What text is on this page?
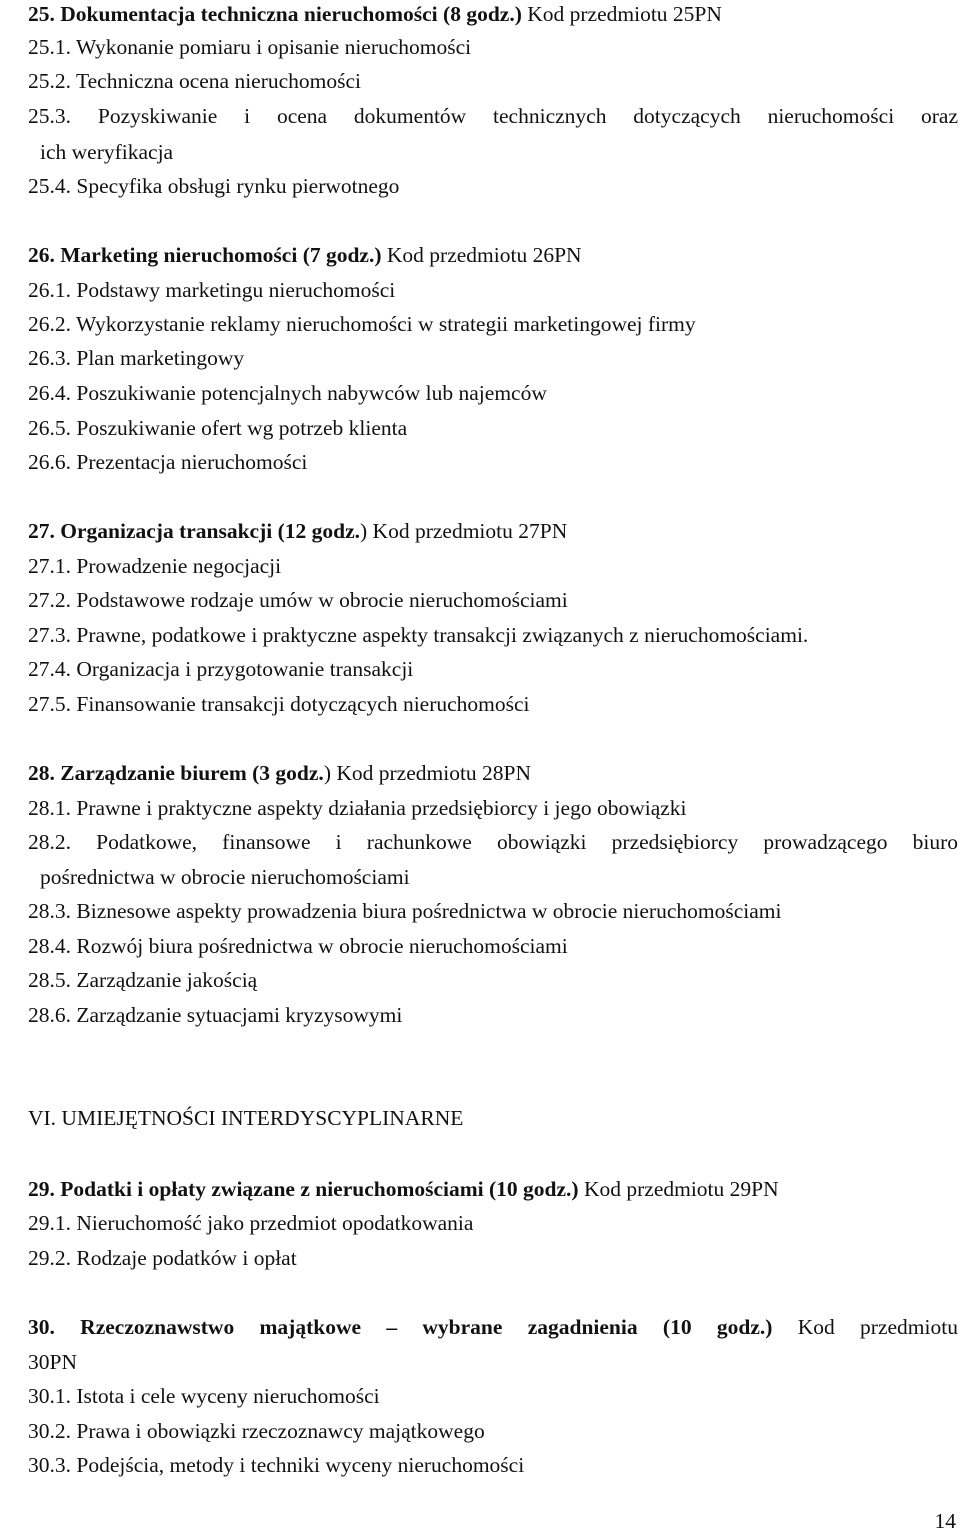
25. Dokumentacja techniczna nieruchomości (8 godz.) Kod przedmiotu 25PN
25.1. Wykonanie pomiaru i opisanie nieruchomości
25.2. Techniczna ocena nieruchomości
25.3. Pozyskiwanie i ocena dokumentów technicznych dotyczących nieruchomości oraz
ich weryfikacja
25.4. Specyfika obsługi rynku pierwotnego
26. Marketing nieruchomości (7 godz.) Kod przedmiotu 26PN
26.1. Podstawy marketingu nieruchomości
26.2. Wykorzystanie reklamy nieruchomości w strategii marketingowej firmy
26.3. Plan marketingowy
26.4. Poszukiwanie potencjalnych nabywców lub najemców
26.5. Poszukiwanie ofert wg potrzeb klienta
26.6. Prezentacja nieruchomości
27. Organizacja transakcji (12 godz.) Kod przedmiotu 27PN
27.1. Prowadzenie negocjacji
27.2. Podstawowe rodzaje umów w obrocie nieruchomościami
27.3. Prawne, podatkowe i praktyczne aspekty transakcji związanych z nieruchomościami.
27.4. Organizacja i przygotowanie transakcji
27.5. Finansowanie transakcji dotyczących nieruchomości
28. Zarządzanie biurem (3 godz.) Kod przedmiotu 28PN
28.1. Prawne i praktyczne aspekty działania przedsiębiorcy i jego obowiązki
28.2. Podatkowe, finansowe i rachunkowe obowiązki przedsiębiorcy prowadzącego biuro
pośrednictwa w obrocie nieruchomościami
28.3. Biznesowe aspekty prowadzenia biura pośrednictwa w obrocie nieruchomościami
28.4. Rozwój biura pośrednictwa w obrocie nieruchomościami
28.5. Zarządzanie jakością
28.6. Zarządzanie sytuacjami kryzysowymi
VI. UMIEJĘTNOŚCI INTERDYSCYPLINARNE
29. Podatki i opłaty związane z nieruchomościami (10 godz.) Kod przedmiotu 29PN
29.1. Nieruchomość jako przedmiot opodatkowania
29.2. Rodzaje podatków i opłat
30. Rzeczoznawstwo majątkowe – wybrane zagadnienia (10 godz.) Kod przedmiotu
30PN
30.1. Istota i cele wyceny nieruchomości
30.2. Prawa i obowiązki rzeczoznawcy majątkowego
30.3. Podejścia, metody i techniki wyceny nieruchomości
14
